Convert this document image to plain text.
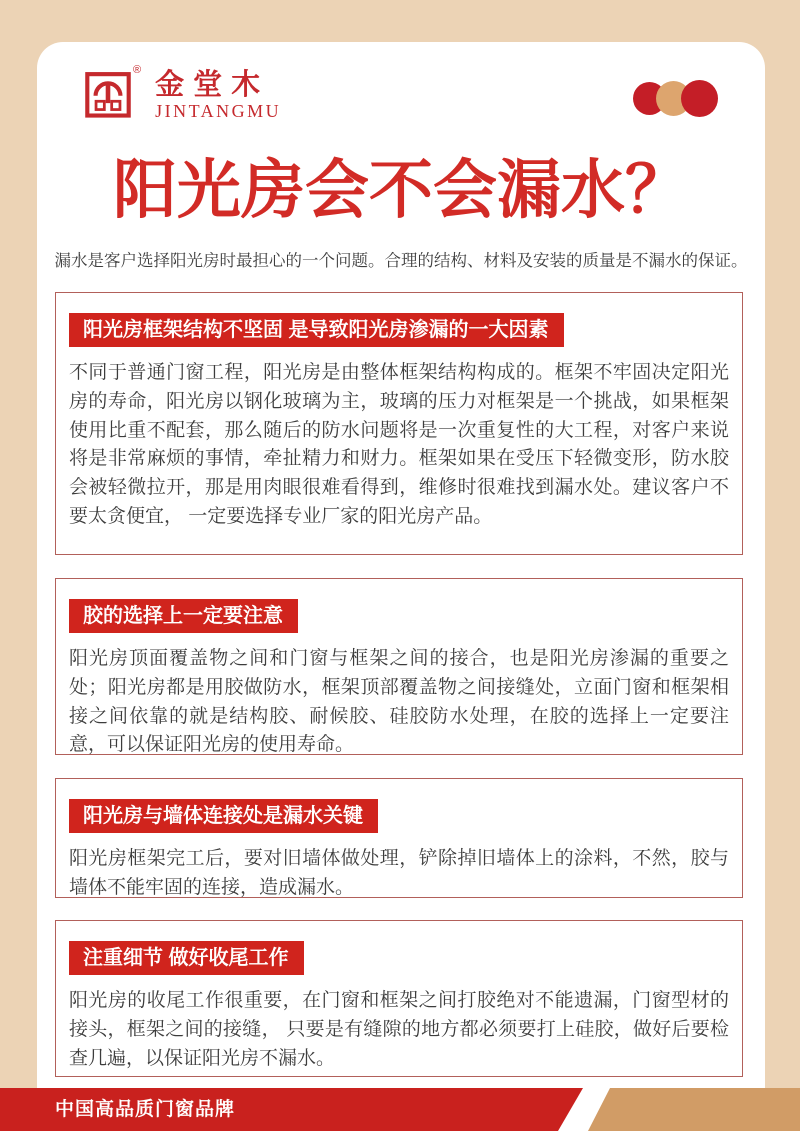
® 金堂木
JINTANGMU
阳光房会不会漏水？
漏水是客户选择阳光房时最担心的一个问题。合理的结构、材料及安装的质量是不漏水的保证。
阳光房框架结构不坚固 是导致阳光房渗漏的一大因素
不同于普通门窗工程，阳光房是由整体框架结构构成的。框架不牢固决定阳光房的寿命，阳光房以钢化玻璃为主，玻璃的压力对框架是一个挑战，如果框架使用比重不配套，那么随后的防水问题将是一次重复性的大工程，对客户来说将是非常麻烦的事情，牵扯精力和财力。框架如果在受压下轻微变形，防水胶会被轻微拉开，那是用肉眼很难看得到，维修时很难找到漏水处。建议客户不要太贪便宜， 一定要选择专业厂家的阳光房产品。
胶的选择上一定要注意
阳光房顶面覆盖物之间和门窗与框架之间的接合，也是阳光房渗漏的重要之处；阳光房都是用胶做防水，框架顶部覆盖物之间接缝处，立面门窗和框架相接之间依靠的就是结构胶、耐候胶、硅胶防水处理，在胶的选择上一定要注意，可以保证阳光房的使用寿命。
阳光房与墙体连接处是漏水关键
阳光房框架完工后，要对旧墙体做处理，铲除掉旧墙体上的涂料，不然，胶与墙体不能牢固的连接，造成漏水。
注重细节 做好收尾工作
阳光房的收尾工作很重要，在门窗和框架之间打胶绝对不能遗漏，门窗型材的接头，框架之间的接缝， 只要是有缝隙的地方都必须要打上硅胶，做好后要检查几遍，以保证阳光房不漏水。
中国高品质门窗品牌
